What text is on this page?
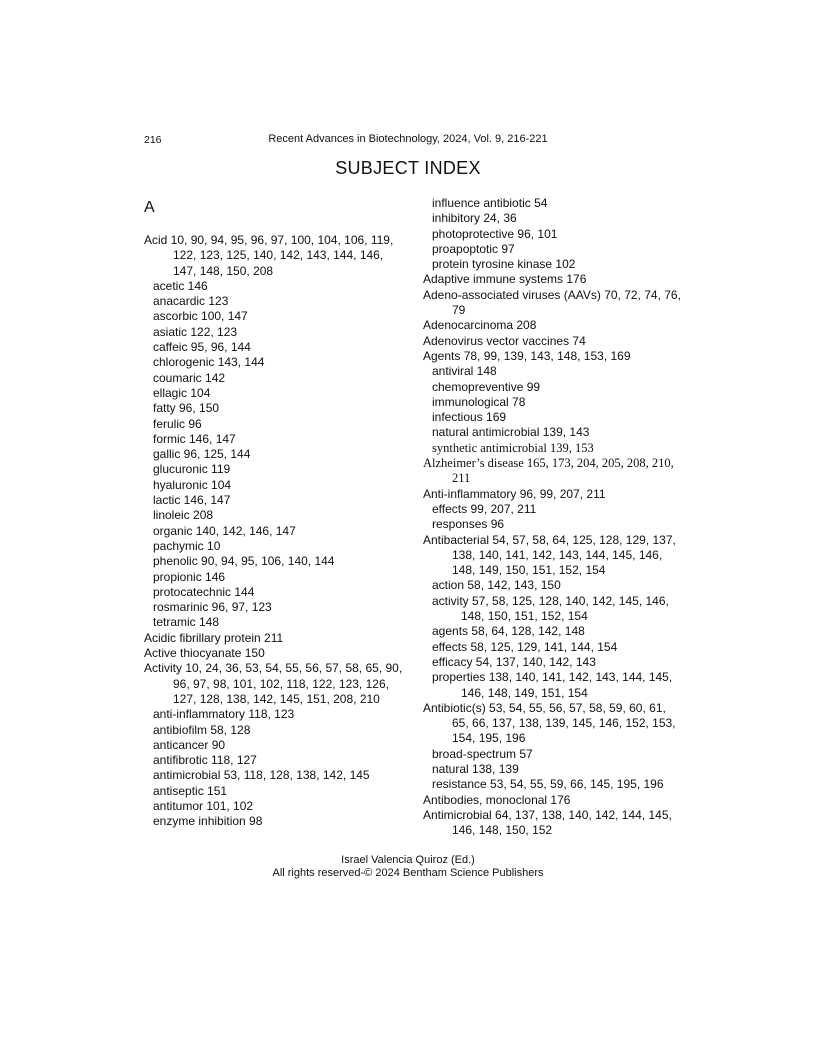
216	Recent Advances in Biotechnology, 2024, Vol. 9, 216-221
SUBJECT INDEX
A
Acid 10, 90, 94, 95, 96, 97, 100, 104, 106, 119, 122, 123, 125, 140, 142, 143, 144, 146, 147, 148, 150, 208
acetic 146
anacardic 123
ascorbic 100, 147
asiatic 122, 123
caffeic 95, 96, 144
chlorogenic 143, 144
coumaric 142
ellagic 104
fatty 96, 150
ferulic 96
formic 146, 147
gallic 96, 125, 144
glucuronic 119
hyaluronic 104
lactic 146, 147
linoleic 208
organic 140, 142, 146, 147
pachymic 10
phenolic 90, 94, 95, 106, 140, 144
propionic 146
protocatechnic 144
rosmarinic 96, 97, 123
tetramic 148
Acidic fibrillary protein 211
Active thiocyanate 150
Activity 10, 24, 36, 53, 54, 55, 56, 57, 58, 65, 90, 96, 97, 98, 101, 102, 118, 122, 123, 126, 127, 128, 138, 142, 145, 151, 208, 210
anti-inflammatory 118, 123
antibiofilm 58, 128
anticancer 90
antifibrotic 118, 127
antimicrobial 53, 118, 128, 138, 142, 145
antiseptic 151
antitumor 101, 102
enzyme inhibition 98
influence antibiotic 54
inhibitory 24, 36
photoprotective 96, 101
proapoptotic 97
protein tyrosine kinase 102
Adaptive immune systems 176
Adeno-associated viruses (AAVs) 70, 72, 74, 76, 79
Adenocarcinoma 208
Adenovirus vector vaccines 74
Agents 78, 99, 139, 143, 148, 153, 169
antiviral 148
chemopreventive 99
immunological 78
infectious 169
natural antimicrobial 139, 143
synthetic antimicrobial 139, 153
Alzheimer’s disease 165, 173, 204, 205, 208, 210, 211
Anti-inflammatory 96, 99, 207, 211
effects 99, 207, 211
responses 96
Antibacterial 54, 57, 58, 64, 125, 128, 129, 137, 138, 140, 141, 142, 143, 144, 145, 146, 148, 149, 150, 151, 152, 154
action 58, 142, 143, 150
activity 57, 58, 125, 128, 140, 142, 145, 146, 148, 150, 151, 152, 154
agents 58, 64, 128, 142, 148
effects 58, 125, 129, 141, 144, 154
efficacy 54, 137, 140, 142, 143
properties 138, 140, 141, 142, 143, 144, 145, 146, 148, 149, 151, 154
Antibiotic(s) 53, 54, 55, 56, 57, 58, 59, 60, 61, 65, 66, 137, 138, 139, 145, 146, 152, 153, 154, 195, 196
broad-spectrum 57
natural 138, 139
resistance 53, 54, 55, 59, 66, 145, 195, 196
Antibodies, monoclonal 176
Antimicrobial 64, 137, 138, 140, 142, 144, 145, 146, 148, 150, 152
Israel Valencia Quiroz (Ed.)
All rights reserved-© 2024 Bentham Science Publishers
